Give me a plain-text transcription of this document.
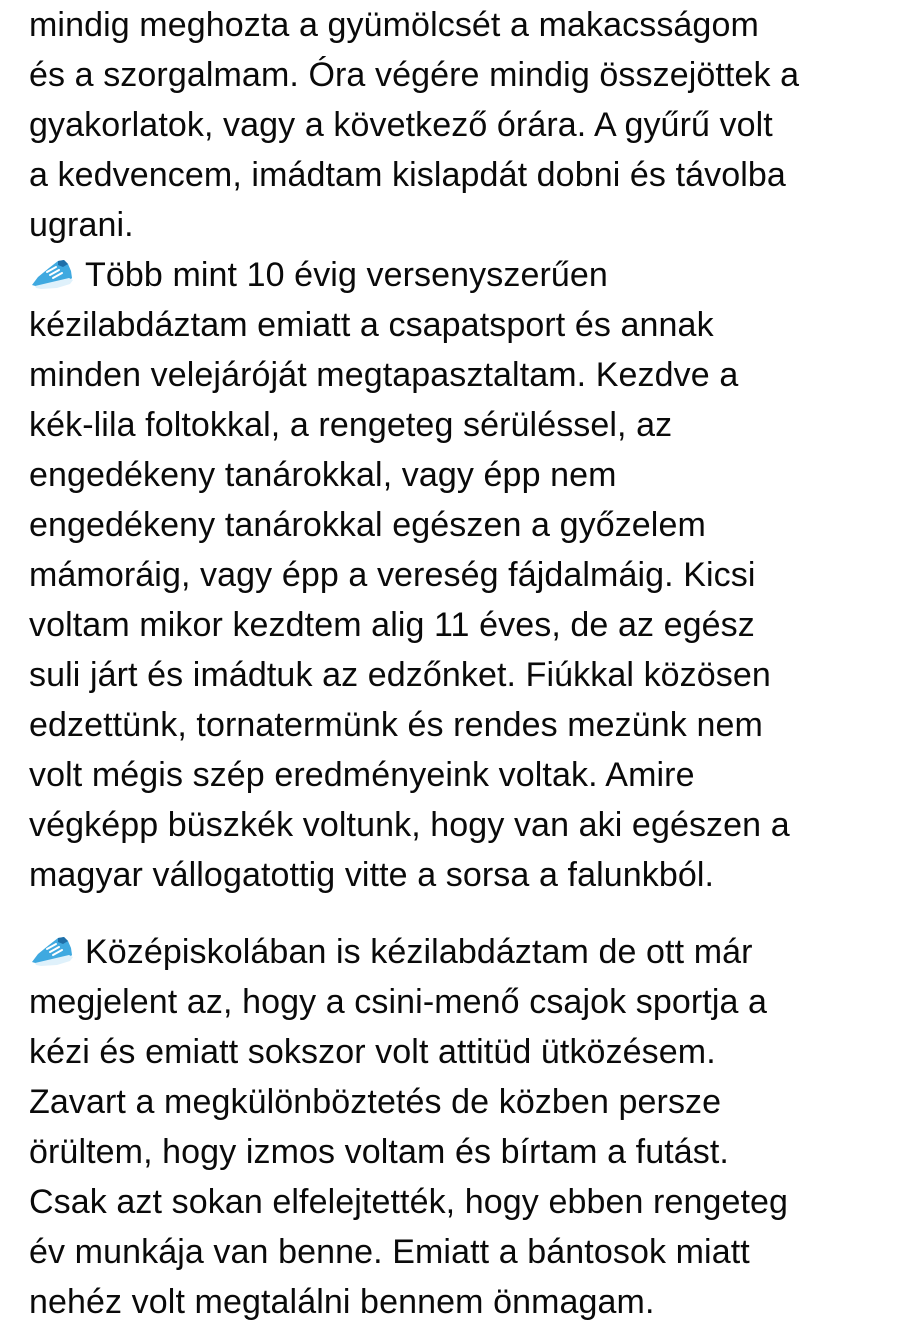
mindig meghozta a gyümölcsét a makacsságom
és a szorgalmam. Óra végére mindig összejöttek a
gyakorlatok, vagy a következő órára. A gyűrű volt
a kedvencem, imádtam kislapdát dobni és távolba
ugrani.

Több mint 10 évig versenyszerűen
kézilabdáztam emiatt a csapatsport és annak
minden velejáróját megtapasztaltam. Kezdve a
kék-lila foltokkal, a rengeteg sérüléssel, az
engedékeny tanárokkal, vagy épp nem
engedékeny tanárokkal egészen a győzelem
mámoráig, vagy épp a vereség fájdalmáig. Kicsi
voltam mikor kezdtem alig 11 éves, de az egész
suli járt és imádtuk az edzőnket. Fiúkkal közösen
edzettünk, tornatermünk és rendes mezünk nem
volt mégis szép eredményeink voltak. Amire
végképp büszkék voltunk, hogy van aki egészen a
magyar vállogatottig vitte a sorsa a falunkból.

Középiskolában is kézilabdáztam de ott már
megjelent az, hogy a csini-menő csajok sportja a
kézi és emiatt sokszor volt attitüd ütközésem.
Zavart a megkülönböztetés de közben persze
örültem, hogy izmos voltam és bírtam a futást.
Csak azt sokan elfelejtették, hogy ebben rengeteg
év munkája van benne. Emiatt a bántosok miatt
nehéz volt megtalálni bennem önmagam.
